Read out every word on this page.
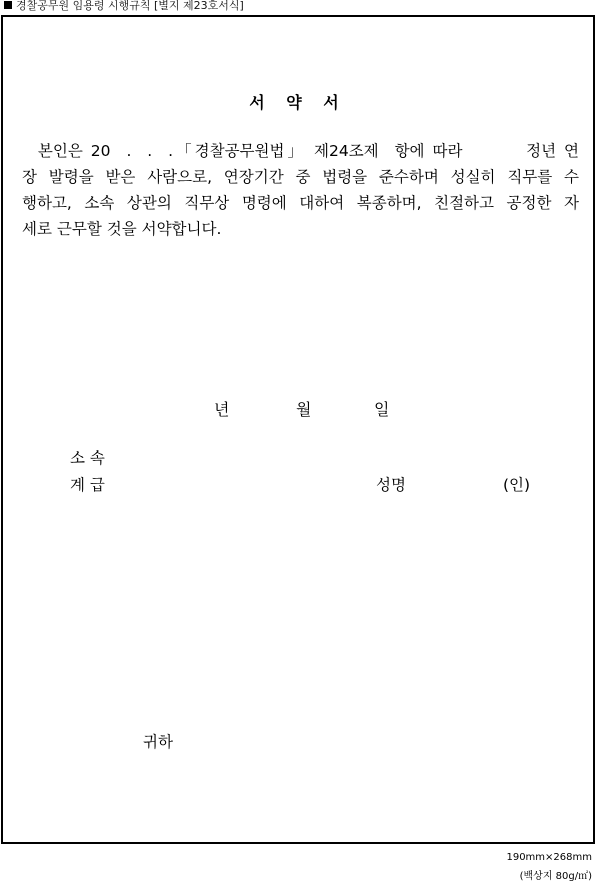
경찰공무원 임용령 시행규칙 [별지 제23호서식]
서 약 서
본인은 20  .  .  .「경찰공무원법」 제24조제  항에 따라        정년 연
장 발령을 받은 사람으로, 연장기간 중 법령을 준수하며 성실히 직무를 수
행하고, 소속 상관의 직무상 명령에 대하여 복종하며, 친절하고 공정한 자
세로 근무할 것을 서약합니다.
년	월	일
소 속
계 급	성명	(인)
귀하
190mm×268mm
(백상지 80g/㎡)
